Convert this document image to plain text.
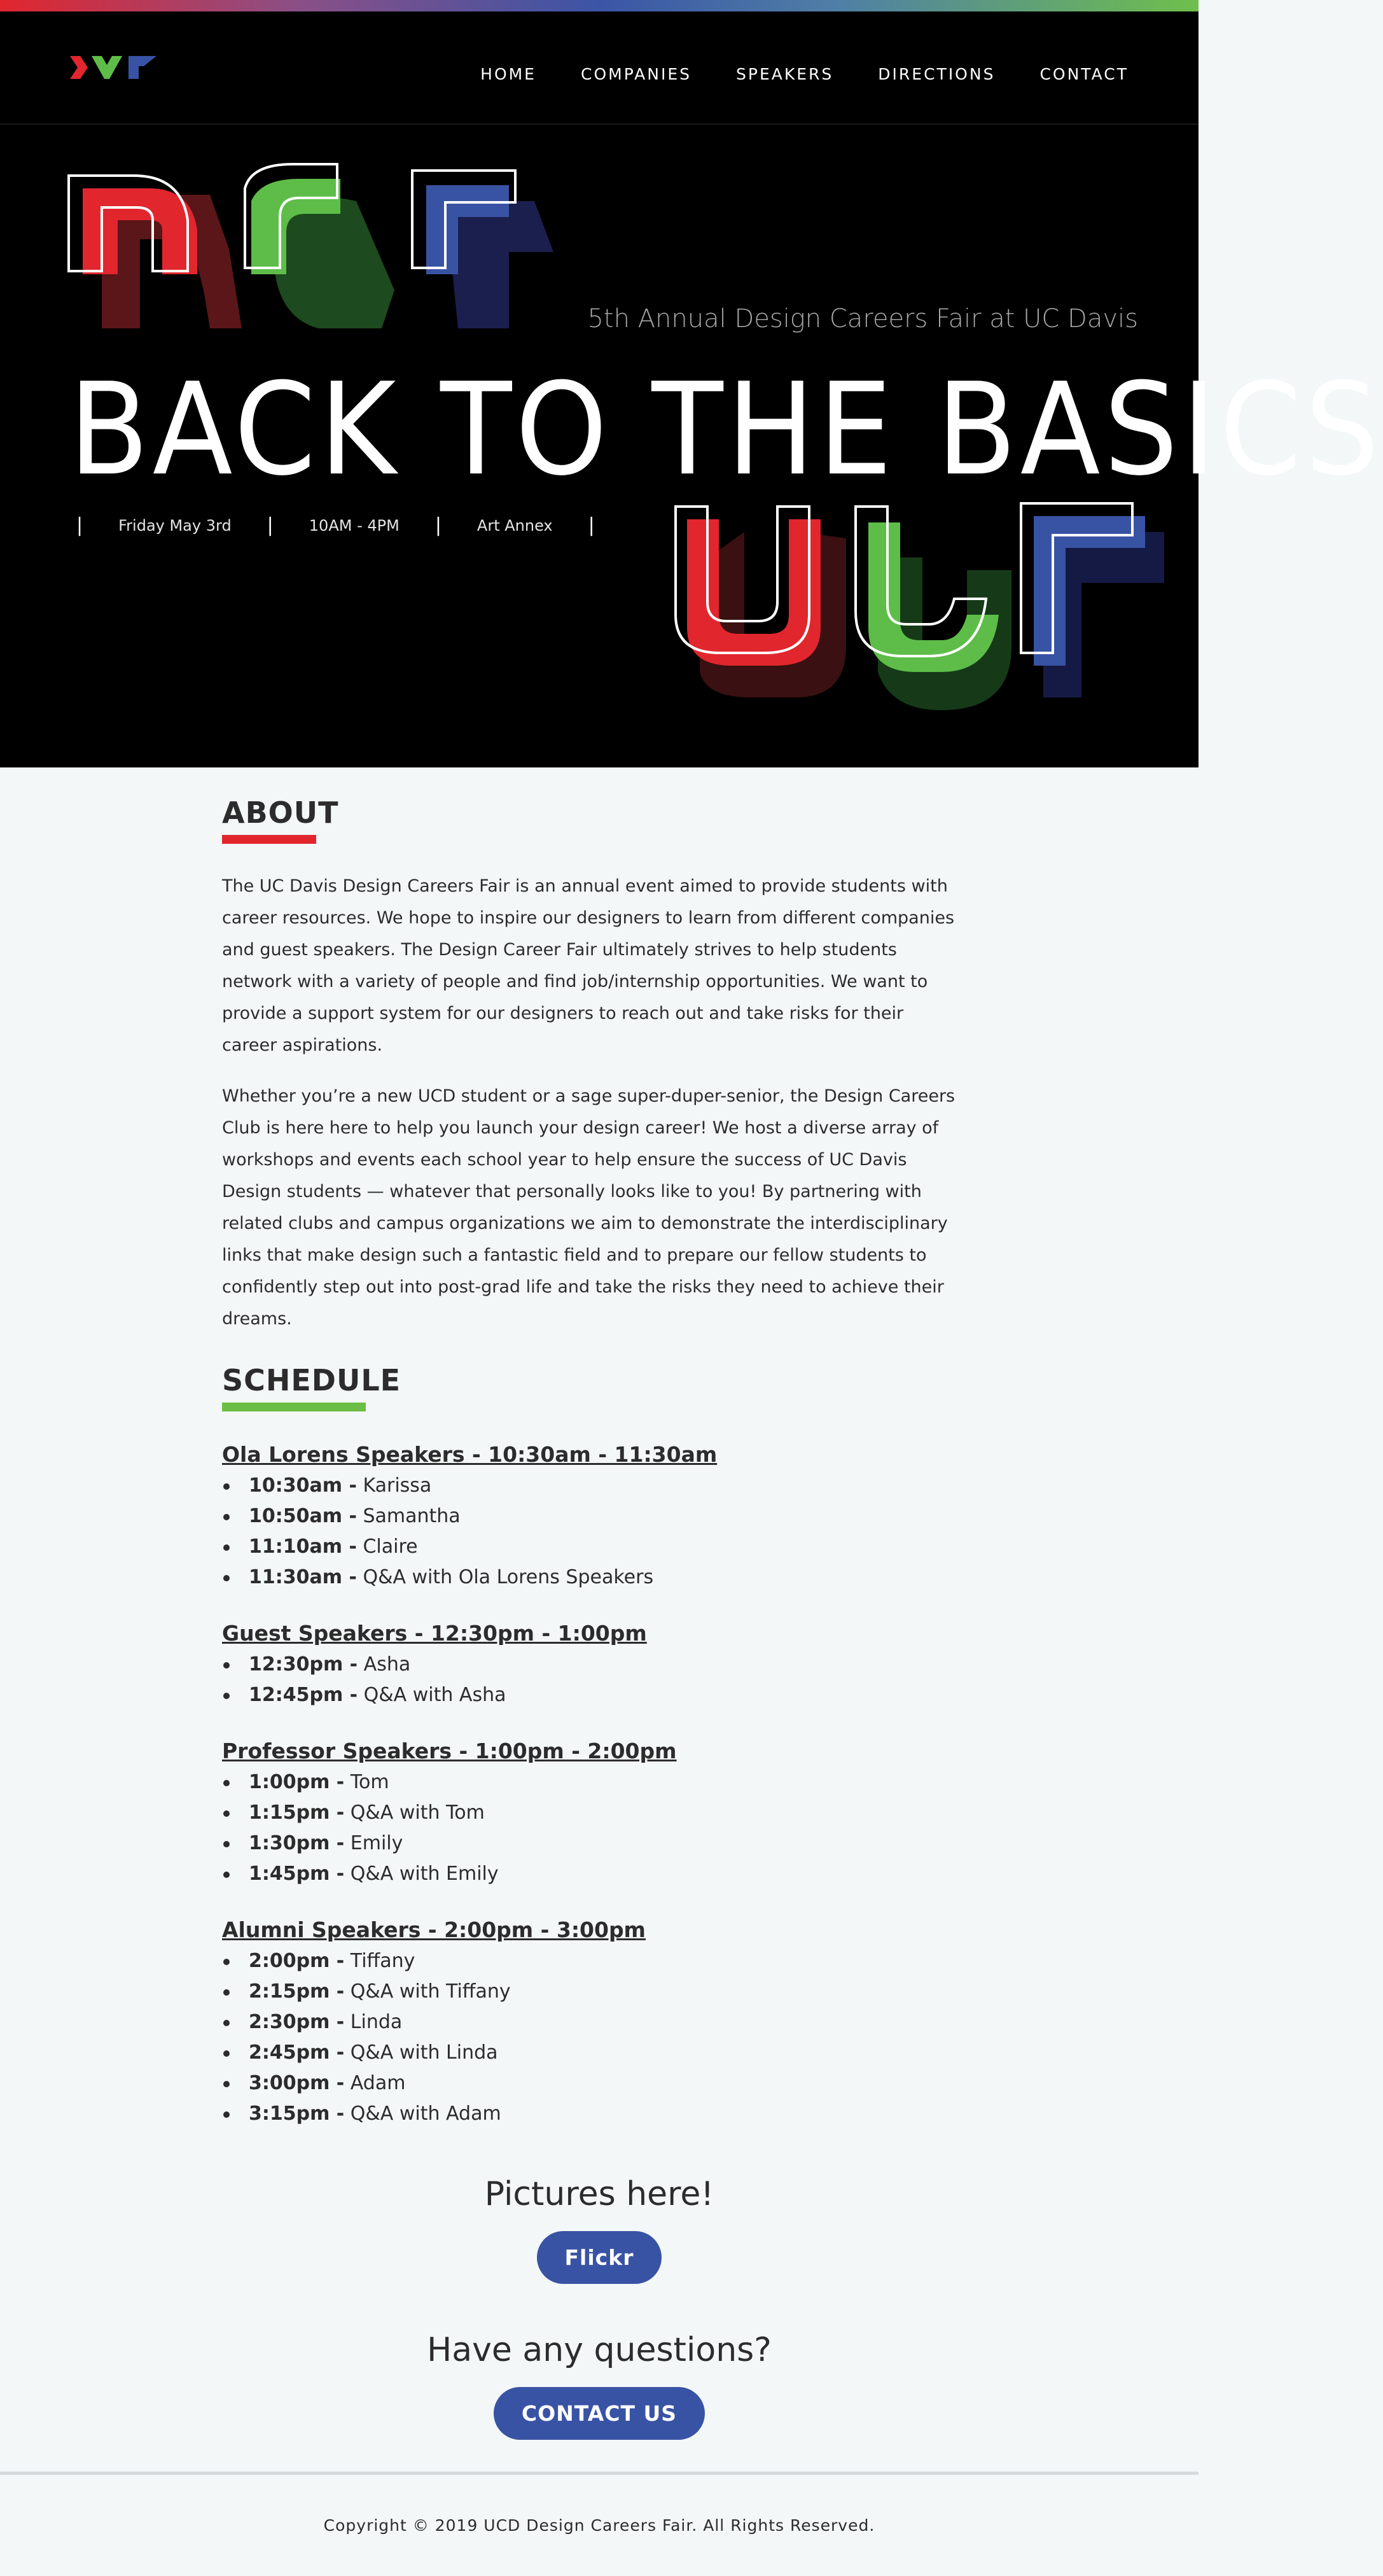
HOME	COMPANIES	SPEAKERS	DIRECTIONS	CONTACT
5th Annual Design Careers Fair at UC Davis
BACK TO THE BASICS
| Friday May 3rd | 10AM - 4PM | Art Annex |
ABOUT

The UC Davis Design Careers Fair is an annual event aimed to provide students with career resources. We hope to inspire our designers to learn from different companies and guest speakers. The Design Career Fair ultimately strives to help students network with a variety of people and find job/internship opportunities. We want to provide a support system for our designers to reach out and take risks for their career aspirations.

Whether you’re a new UCD student or a sage super-duper-senior, the Design Careers Club is here here to help you launch your design career! We host a diverse array of workshops and events each school year to help ensure the success of UC Davis Design students — whatever that personally looks like to you! By partnering with related clubs and campus organizations we aim to demonstrate the interdisciplinary links that make design such a fantastic field and to prepare our fellow students to confidently step out into post-grad life and take the risks they need to achieve their dreams.

SCHEDULE
Ola Lorens Speakers - 10:30am - 11:30am
10:30am - Karissa
10:50am - Samantha
11:10am - Claire
11:30am - Q&A with Ola Lorens Speakers
Guest Speakers - 12:30pm - 1:00pm
12:30pm - Asha
12:45pm - Q&A with Asha
Professor Speakers - 1:00pm - 2:00pm
1:00pm - Tom
1:15pm - Q&A with Tom
1:30pm - Emily
1:45pm - Q&A with Emily
Alumni Speakers - 2:00pm - 3:00pm
2:00pm - Tiffany
2:15pm - Q&A with Tiffany
2:30pm - Linda
2:45pm - Q&A with Linda
3:00pm - Adam
3:15pm - Q&A with Adam
Pictures here!
Flickr
Have any questions?
CONTACT US

Copyright © 2019 UCD Design Careers Fair. All Rights Reserved.
